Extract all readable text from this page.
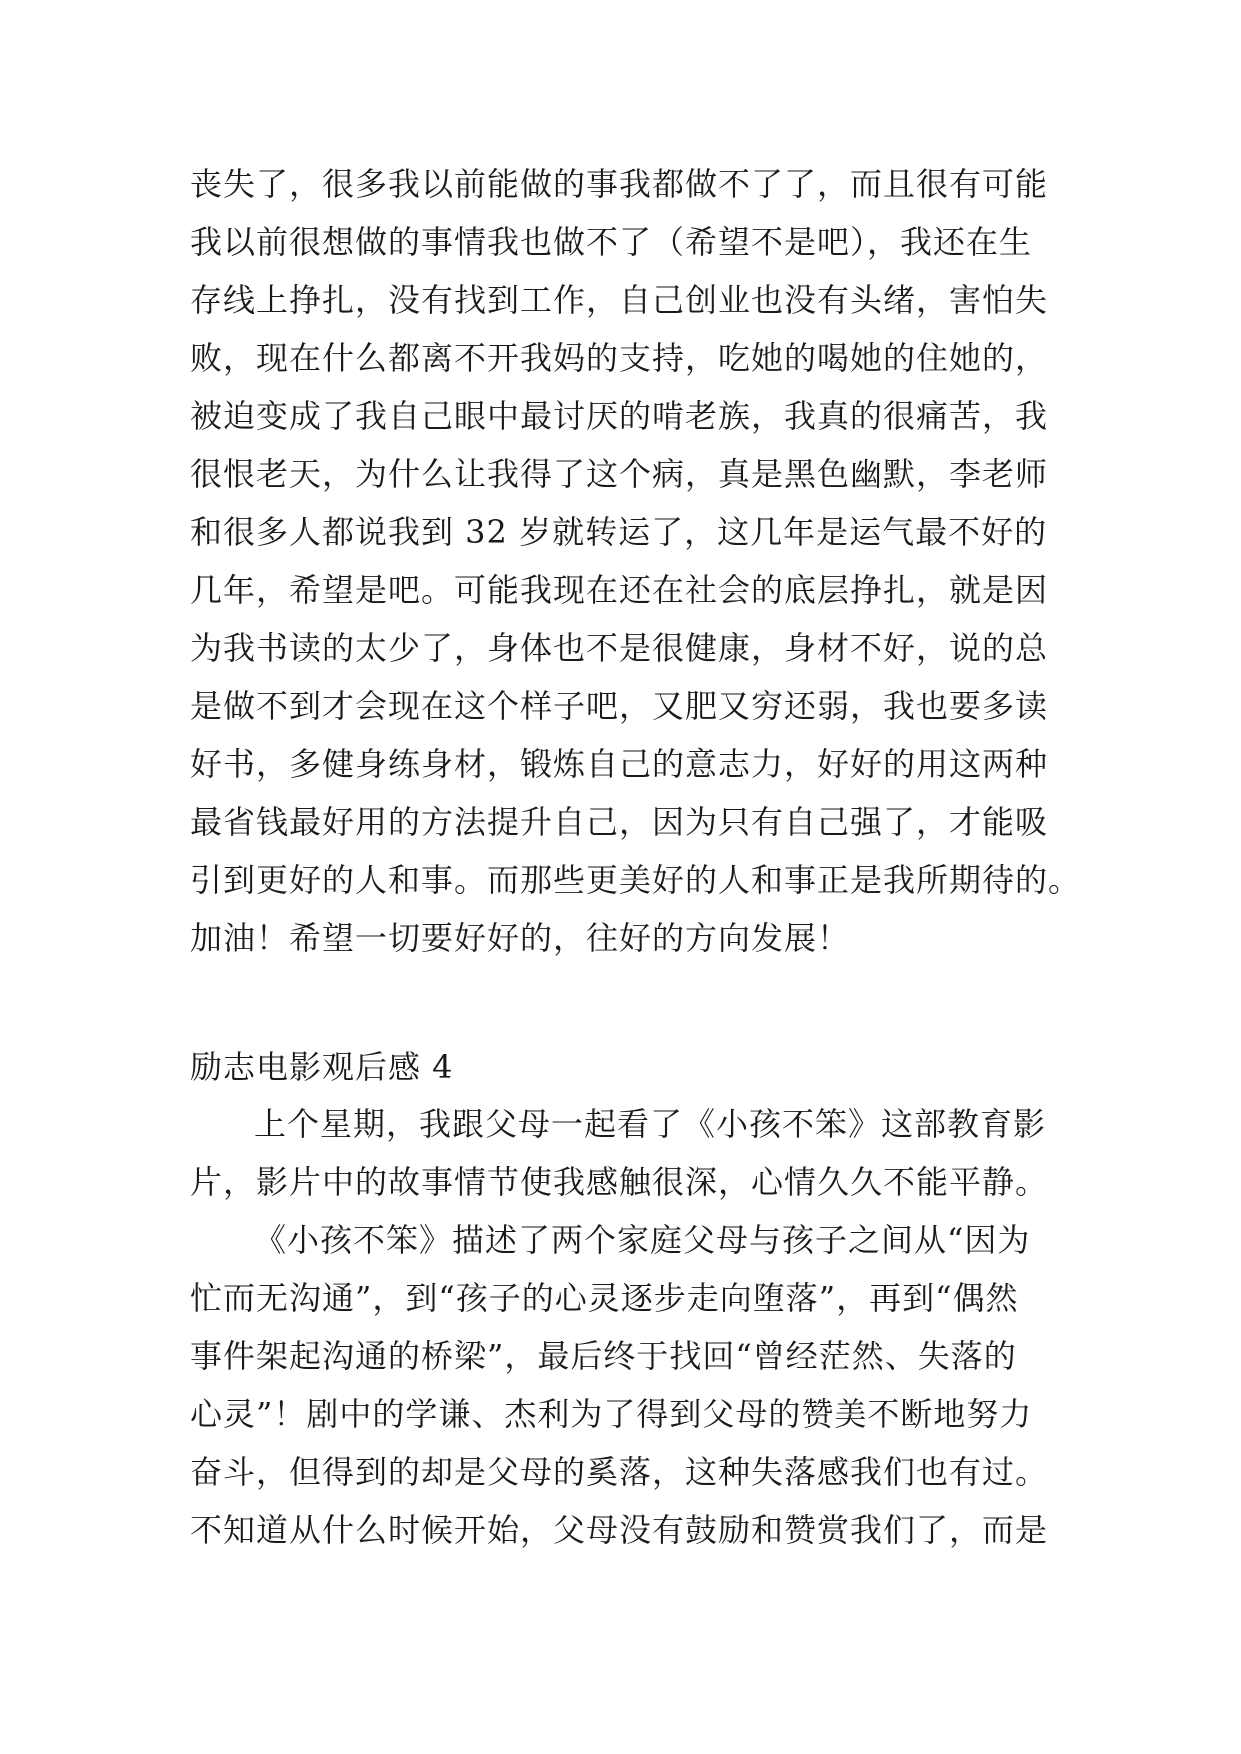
丧失了，很多我以前能做的事我都做不了了，而且很有可能
我以前很想做的事情我也做不了（希望不是吧），我还在生
存线上挣扎，没有找到工作，自己创业也没有头绪，害怕失
败，现在什么都离不开我妈的支持，吃她的喝她的住她的，
被迫变成了我自己眼中最讨厌的啃老族，我真的很痛苦，我
很恨老天，为什么让我得了这个病，真是黑色幽默，李老师
和很多人都说我到 32 岁就转运了，这几年是运气最不好的
几年，希望是吧。可能我现在还在社会的底层挣扎，就是因
为我书读的太少了，身体也不是很健康，身材不好，说的总
是做不到才会现在这个样子吧，又肥又穷还弱，我也要多读
好书，多健身练身材，锻炼自己的意志力，好好的用这两种
最省钱最好用的方法提升自己，因为只有自己强了，才能吸
引到更好的人和事。而那些更美好的人和事正是我所期待的。
加油！希望一切要好好的，往好的方向发展！
励志电影观后感 4
上个星期，我跟父母一起看了《小孩不笨》这部教育影
片，影片中的故事情节使我感触很深，心情久久不能平静。
《小孩不笨》描述了两个家庭父母与孩子之间从“因为
忙而无沟通”，到“孩子的心灵逐步走向堕落”，再到“偶然
事件架起沟通的桥梁”，最后终于找回“曾经茫然、失落的
心灵”！剧中的学谦、杰利为了得到父母的赞美不断地努力
奋斗，但得到的却是父母的奚落，这种失落感我们也有过。
不知道从什么时候开始，父母没有鼓励和赞赏我们了，而是
